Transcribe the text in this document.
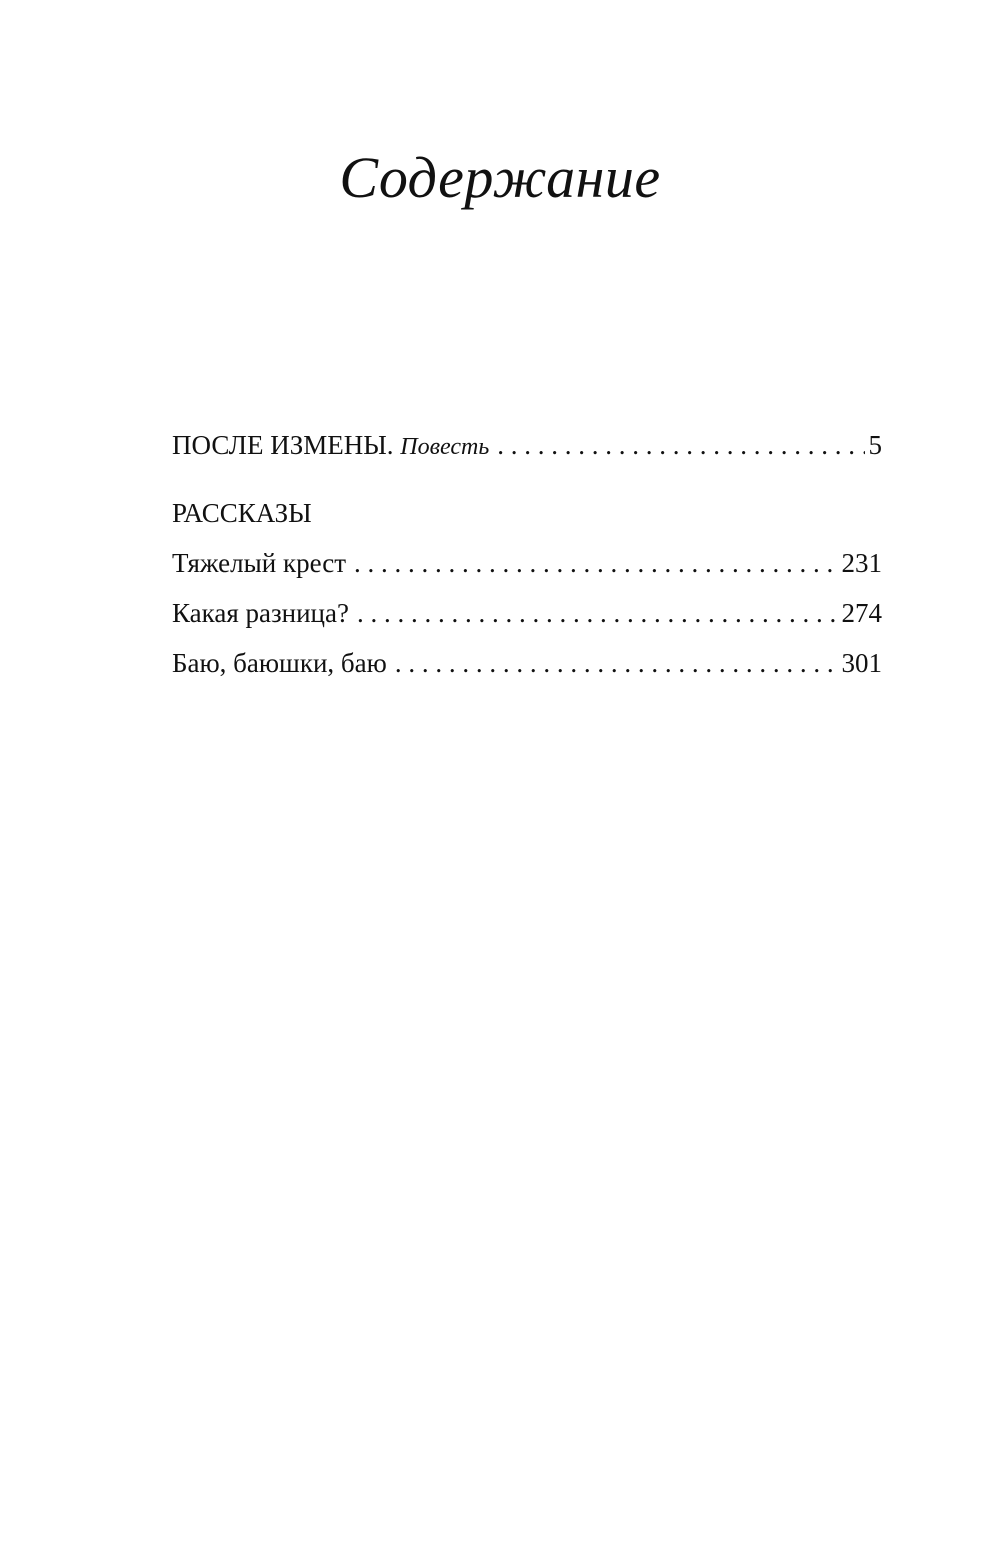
Содержание
ПОСЛЕ ИЗМЕНЫ. Повесть . . .	5
РАССКАЗЫ
Тяжелый крест . . .	231
Какая разница? . . .	274
Баю, баюшки, баю . . .	301
